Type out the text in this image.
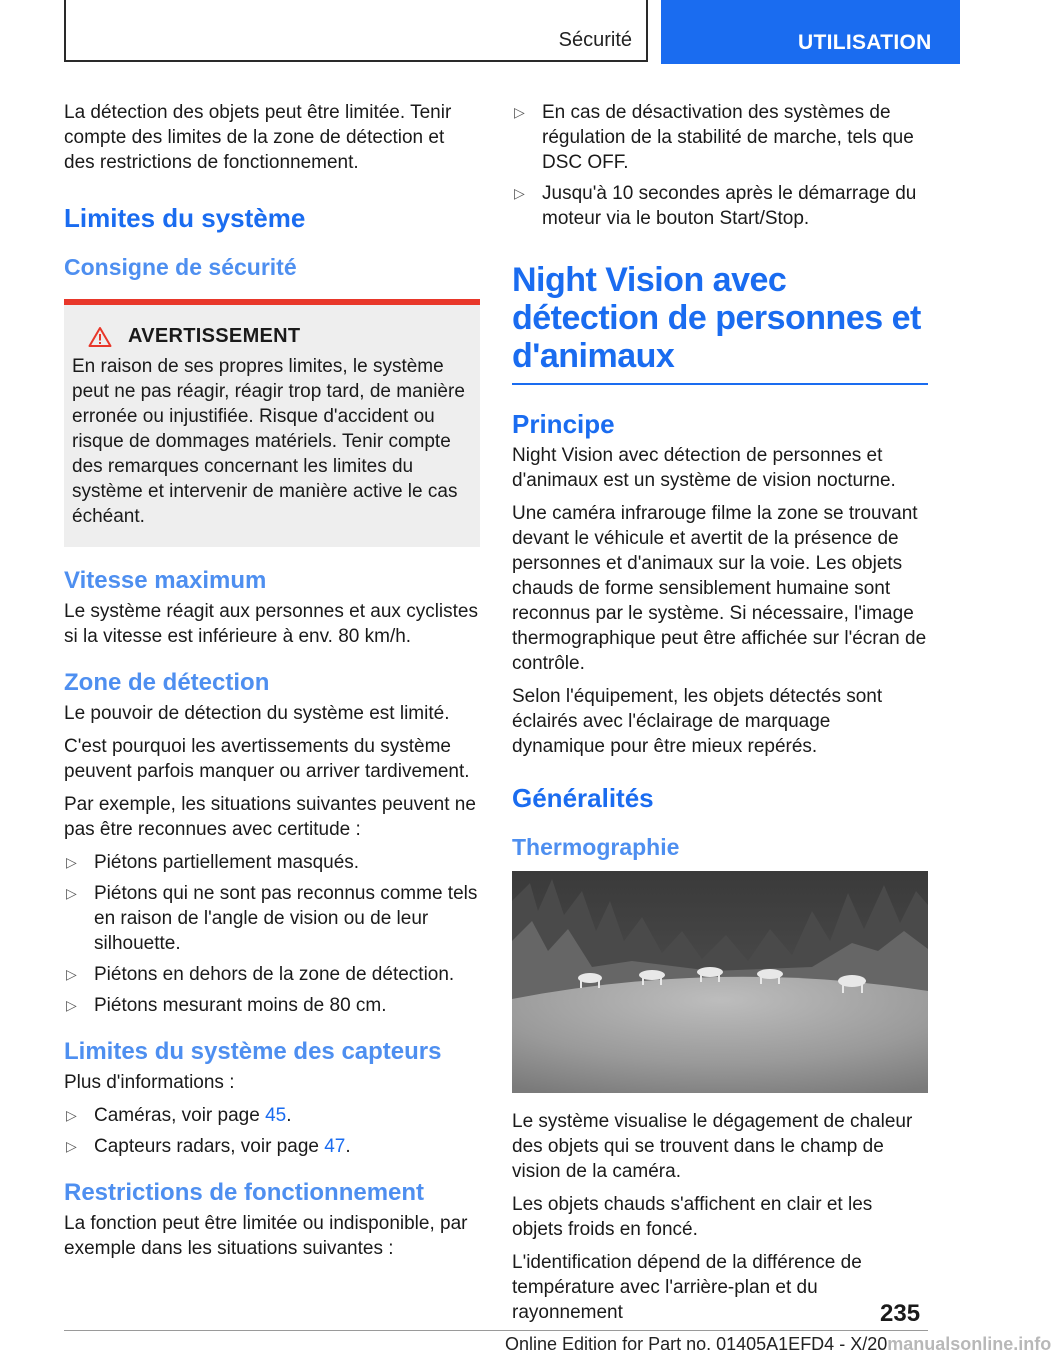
Sécurité	UTILISATION

La détection des objets peut être limitée. Tenir compte des limites de la zone de détection et des restrictions de fonctionnement.

Limites du système
Consigne de sécurité
AVERTISSEMENT

En raison de ses propres limites, le système peut ne pas réagir, réagir trop tard, de manière erronée ou injustifiée. Risque d'accident ou risque de dommages matériels. Tenir compte des remarques concernant les limites du système et intervenir de manière active le cas échéant.

Vitesse maximum

Le système réagit aux personnes et aux cyclistes si la vitesse est inférieure à env. 80 km/h.

Zone de détection

Le pouvoir de détection du système est limité.

C'est pourquoi les avertissements du système peuvent parfois manquer ou arriver tardivement.

Par exemple, les situations suivantes peuvent ne pas être reconnues avec certitude :

▷ Piétons partiellement masqués.
▷ Piétons qui ne sont pas reconnus comme tels en raison de l'angle de vision ou de leur silhouette.
▷ Piétons en dehors de la zone de détection.
▷ Piétons mesurant moins de 80 cm.
Limites du système des capteurs

Plus d'informations :

▷ Caméras, voir page 45.
▷ Capteurs radars, voir page 47.
Restrictions de fonctionnement

La fonction peut être limitée ou indisponible, par exemple dans les situations suivantes :

▷ En cas de désactivation des systèmes de régulation de la stabilité de marche, tels que DSC OFF.
▷ Jusqu'à 10 secondes après le démarrage du moteur via le bouton Start/Stop.
Night Vision avec détection de personnes et d'animaux
Principe

Night Vision avec détection de personnes et d'animaux est un système de vision nocturne.

Une caméra infrarouge filme la zone se trouvant devant le véhicule et avertit de la présence de personnes et d'animaux sur la voie. Les objets chauds de forme sensiblement humaine sont reconnus par le système. Si nécessaire, l'image thermographique peut être affichée sur l'écran de contrôle.

Selon l'équipement, les objets détectés sont éclairés avec l'éclairage de marquage dynamique pour être mieux repérés.

Généralités
Thermographie

Le système visualise le dégagement de chaleur des objets qui se trouvent dans le champ de vision de la caméra.

Les objets chauds s'affichent en clair et les objets froids en foncé.

L'identification dépend de la différence de température avec l'arrière-plan et du rayonnement	235
Online Edition for Part no. 01405A1EFD4 - X/20manualsonline.info
